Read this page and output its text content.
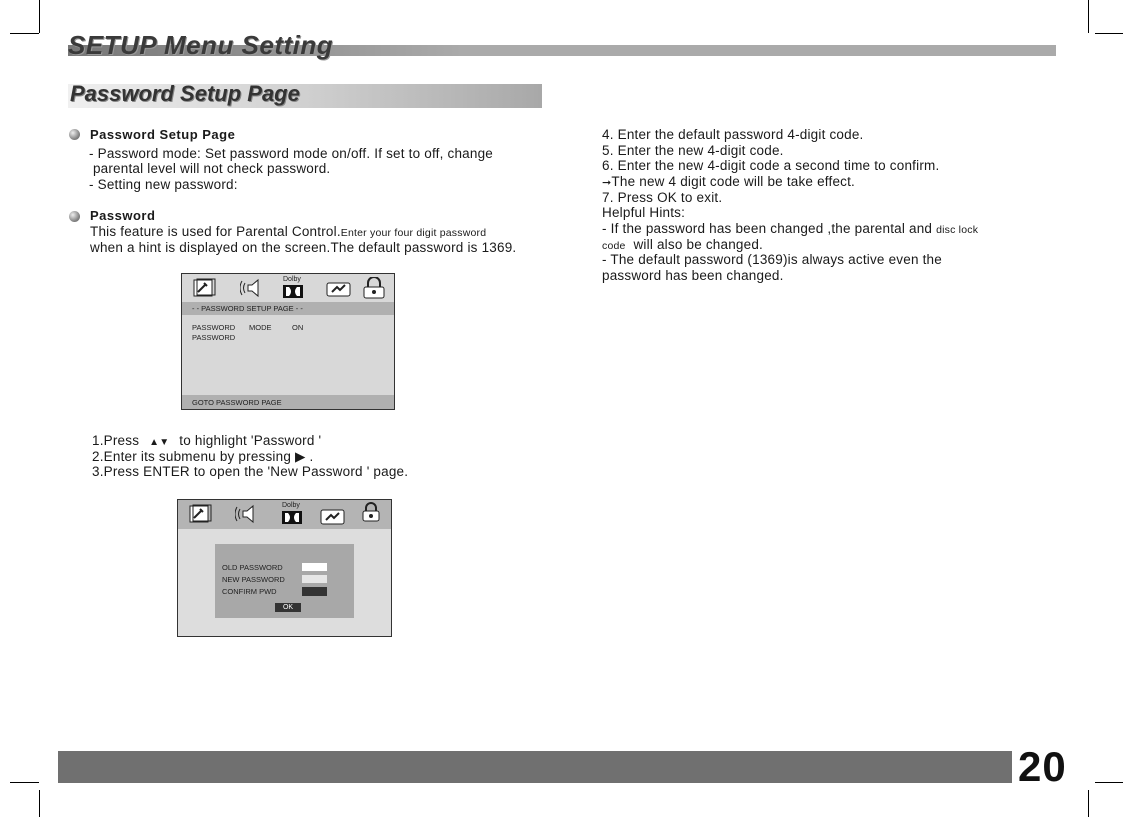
SETUP Menu Setting
Password Setup Page
Password Setup Page
- Password mode: Set password mode on/off. If set to off, change
parental level will not check password.
- Setting new password:
Password
This feature is used for Parental Control.Enter your four digit password
when a hint is displayed on the screen.The default password is 1369.
Dolby
- - PASSWORD SETUP PAGE - -
PASSWORD MODE	ON
PASSWORD
GOTO PASSWORD PAGE
1.Press ▲▼ to highlight 'Password '
2.Enter its submenu by pressing ▶ .
3.Press ENTER to open the 'New Password ' page.
Dolby
OLD PASSWORD
NEW PASSWORD
CONFIRM PWD
OK
4. Enter the default password 4-digit code.
5. Enter the new 4-digit code.
6. Enter the new 4-digit code a second time to confirm.
➞The new 4 digit code will be take effect.
7. Press OK to exit.
Helpful Hints:
- If the password has been changed ,the parental and disc lock
code  will also be changed.
- The default password (1369)is always active even the
password has been changed.
20
